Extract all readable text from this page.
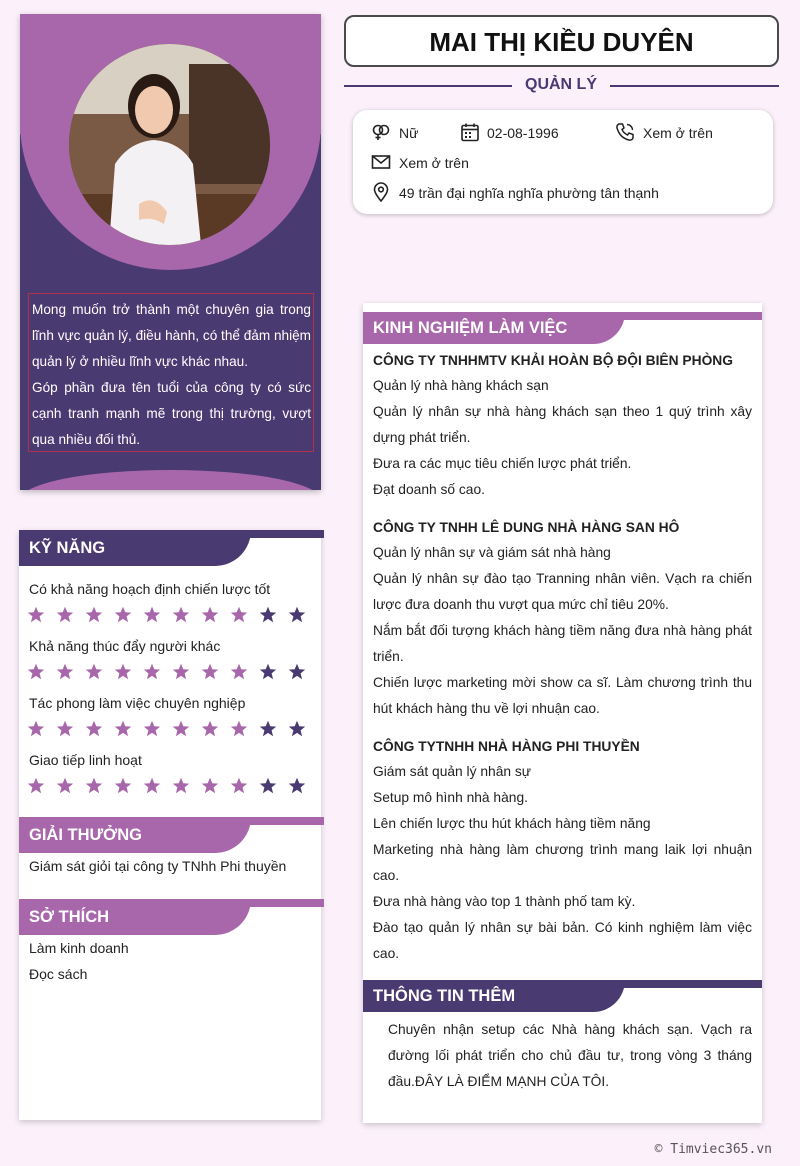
Mong muốn trở thành một chuyên gia trong lĩnh vực quản lý, điều hành, có thể đảm nhiệm quản lý ở nhiều lĩnh vực khác nhau.

Góp phần đưa tên tuổi của công ty có sức cạnh tranh mạnh mẽ trong thị trường, vượt qua nhiều đối thủ.

KỸ NĂNG
Có khả năng hoạch định chiến lược tốt
Khả năng thúc đẩy người khác
Tác phong làm việc chuyên nghiệp
Giao tiếp linh hoạt
GIẢI THƯỞNG
Giám sát giỏi tại công ty TNhh Phi thuyền
SỞ THÍCH
Làm kinh doanh
Đọc sách
MAI THỊ KIỀU DUYÊN
QUẢN LÝ
Nữ	02-08-1996	Xem ở trên
Xem ở trên
49 trần đại nghĩa nghĩa phường tân thạnh
KINH NGHIỆM LÀM VIỆC
CÔNG TY TNHHMTV KHẢI HOÀN BỘ ĐỘI BIÊN PHÒNG
Quản lý nhà hàng khách sạn
Quản lý nhân sự nhà hàng khách sạn theo 1 quý trình xây dựng phát triển.
Đưa ra các mục tiêu chiến lược phát triển.
Đạt doanh số cao.
CÔNG TY TNHH LÊ DUNG NHÀ HÀNG SAN HÔ
Quản lý nhân sự và giám sát nhà hàng
Quản lý nhân sự đào tạo Tranning nhân viên. Vạch ra chiến lược đưa doanh thu vượt qua mức chỉ tiêu 20%.
Nắm bắt đối tượng khách hàng tiềm năng đưa nhà hàng phát triển.
Chiến lược marketing mời show ca sĩ. Làm chương trình thu hút khách hàng thu về lợi nhuận cao.
CÔNG TYTNHH NHÀ HÀNG PHI THUYỀN
Giám sát quản lý nhân sự
Setup mô hình nhà hàng.
Lên chiến lược thu hút khách hàng tiềm năng
Marketing nhà hàng làm chương trình mang laik lợi nhuận cao.
Đưa nhà hàng vào top 1 thành phố tam kỳ.
Đào tạo quản lý nhân sự bài bản. Có kinh nghiệm làm việc cao.
THÔNG TIN THÊM
Chuyên nhận setup các Nhà hàng khách sạn. Vạch ra đường lối phát triển cho chủ đầu tư, trong vòng 3 tháng đầu.ĐÂY LÀ ĐIỂM MẠNH CỦA TÔI.
© Timviec365.vn
